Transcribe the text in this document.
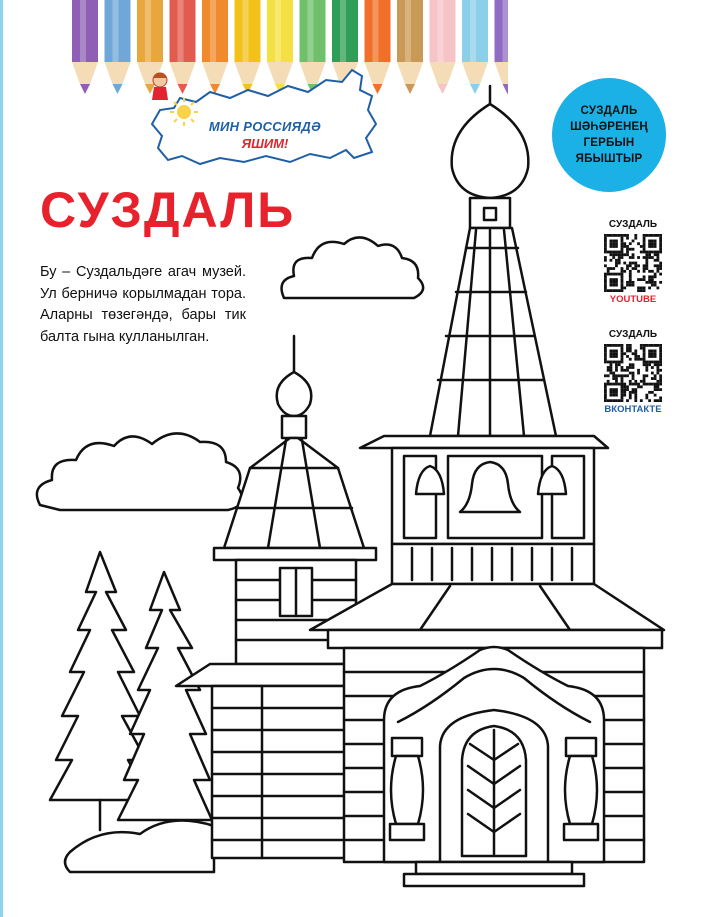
МИН РОССИЯДӘ
ЯШИМ!
СУЗДАЛЬ
ШӘҺӘРЕНЕҢ
ГЕРБЫН
ЯБЫШТЫР
СУЗДАЛЬ
Бу – Суздальдәге агач музей. Ул берничә корылмадан тора. Аларны төзегәндә, бары тик балта гына кулланылган.
СУЗДАЛЬ
YOUTUBE
СУЗДАЛЬ
ВКОНТАКТЕ
